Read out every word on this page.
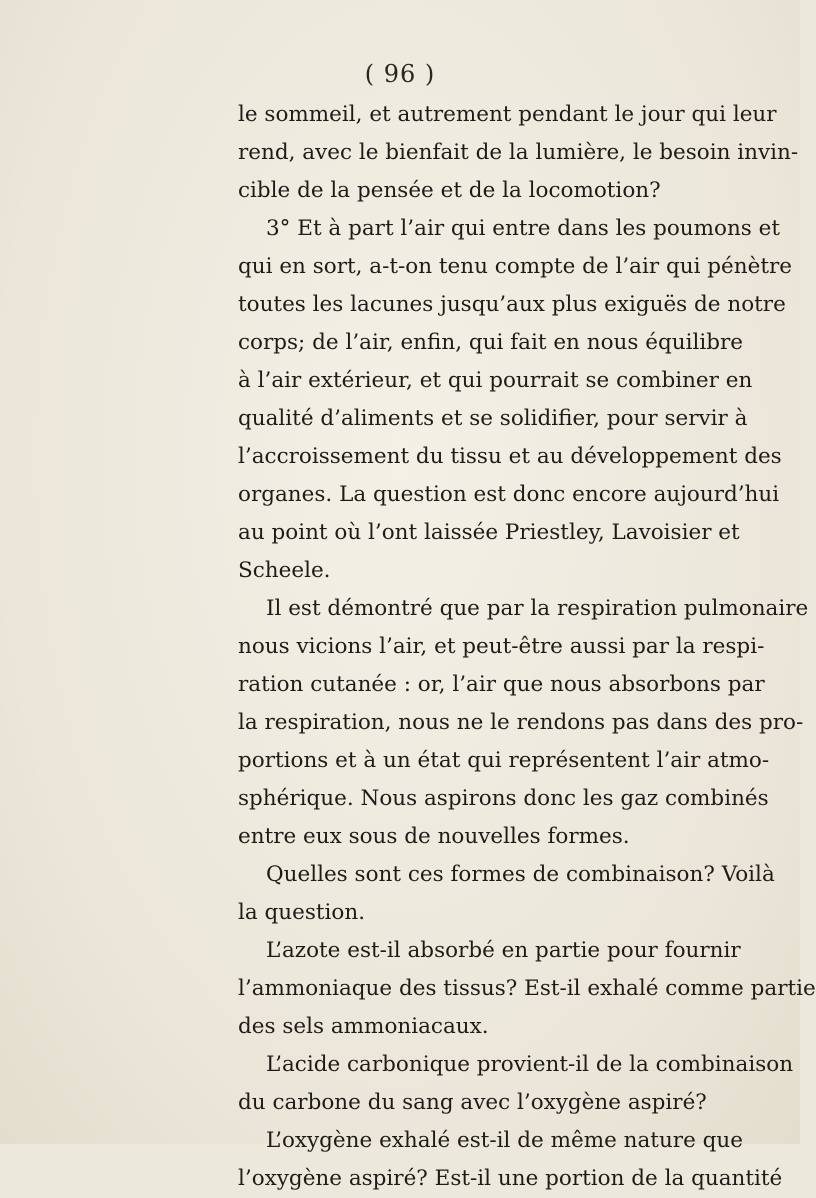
( 96 )
le sommeil, et autrement pendant le jour qui leur
rend, avec le bienfait de la lumière, le besoin invin-
cible de la pensée et de la locomotion?
3° Et à part l’air qui entre dans les poumons et
qui en sort, a-t-on tenu compte de l’air qui pénètre
toutes les lacunes jusqu’aux plus exiguës de notre
corps; de l’air, enfin, qui fait en nous équilibre
à l’air extérieur, et qui pourrait se combiner en
qualité d’aliments et se solidifier, pour servir à
l’accroissement du tissu et au développement des
organes. La question est donc encore aujourd’hui
au point où l’ont laissée Priestley, Lavoisier et
Scheele.
Il est démontré que par la respiration pulmonaire
nous vicions l’air, et peut-être aussi par la respi-
ration cutanée : or, l’air que nous absorbons par
la respiration, nous ne le rendons pas dans des pro-
portions et à un état qui représentent l’air atmo-
sphérique. Nous aspirons donc les gaz combinés
entre eux sous de nouvelles formes.
Quelles sont ces formes de combinaison? Voilà
la question.
L’azote est-il absorbé en partie pour fournir
l’ammoniaque des tissus? Est-il exhalé comme partie
des sels ammoniacaux.
L’acide carbonique provient-il de la combinaison
du carbone du sang avec l’oxygène aspiré?
L’oxygène exhalé est-il de même nature que
l’oxygène aspiré? Est-il une portion de la quantité
